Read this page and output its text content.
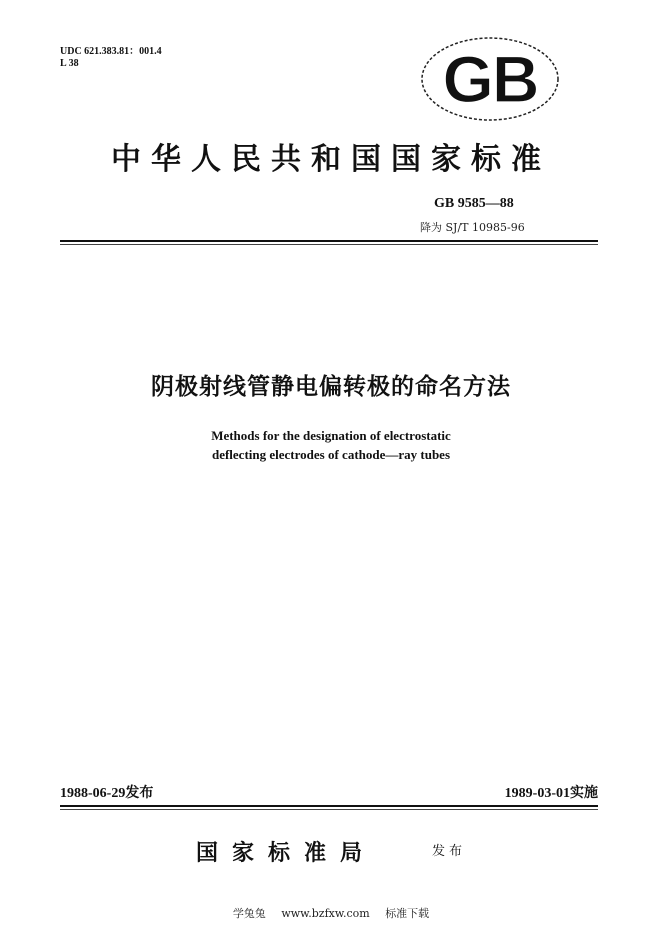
UDC 621.383.81：001.4
L 38	GB
中华人民共和国国家标准
GB 9585—88
降为 SJ/T 10985-96
阴极射线管静电偏转极的命名方法
Methods for the designation of electrostatic
deflecting electrodes of cathode—ray tubes
1988-06-29发布	1989-03-01实施
国家标准局	发布
学兔兔 www.bzfxw.com 标准下载
